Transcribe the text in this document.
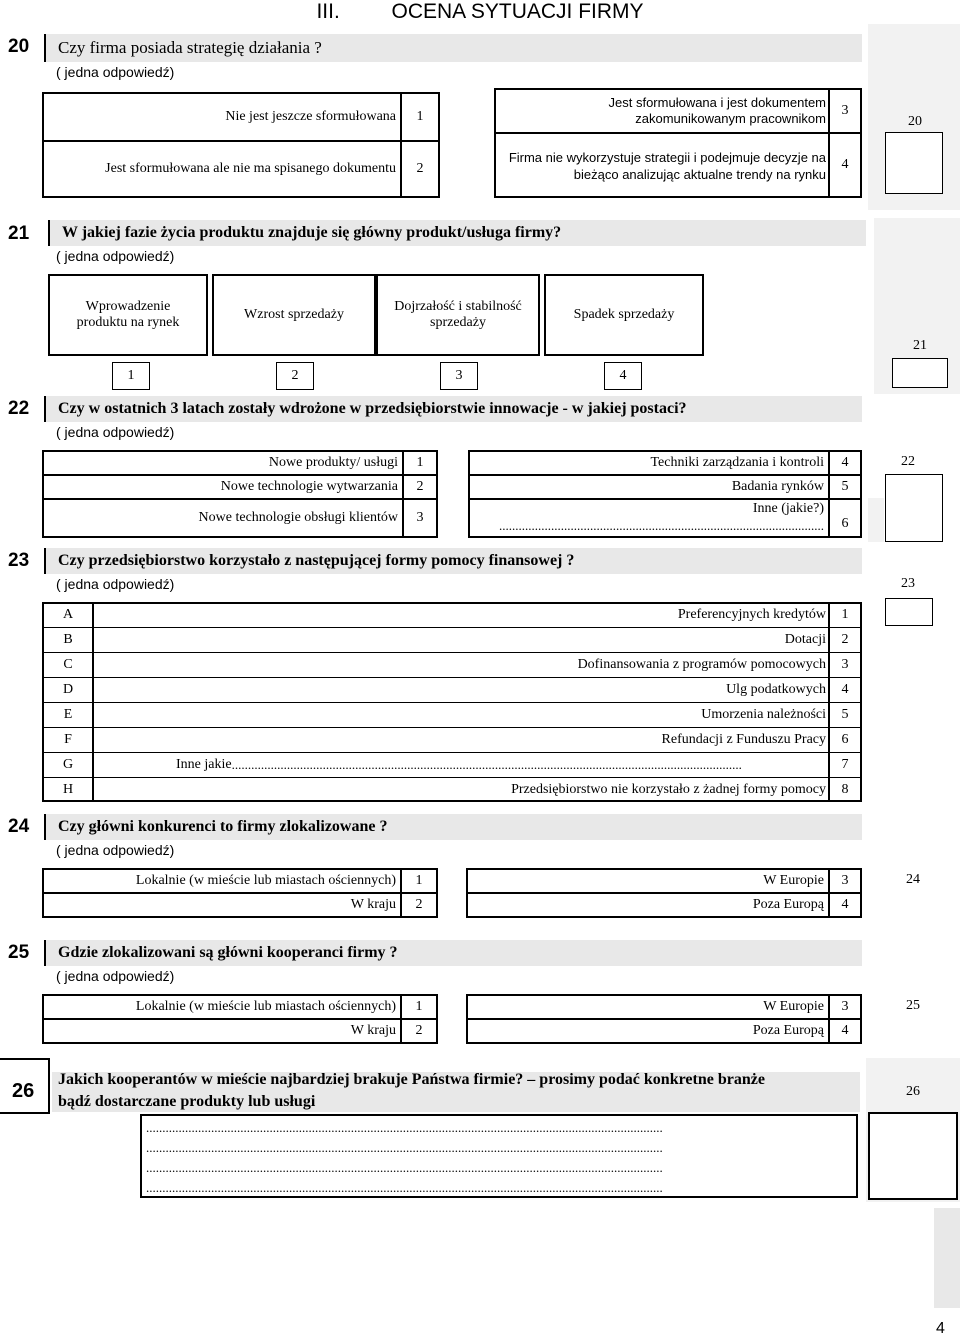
III. OCENA SYTUACJI FIRMY
20	Czy firma posiada strategię działania ?
( jedna odpowiedź)
20
Nie jest jeszcze sformułowana	1
Jest sformułowana ale nie ma spisanego dokumentu	2
Jest sformułowana i jest dokumentem zakomunikowanym pracownikom
3
Firma nie wykorzystuje strategii i podejmuje decyzje na bieżąco analizując aktualne trendy na rynku
4
21	W jakiej fazie życia produktu znajduje się główny produkt/usługa firmy?
( jedna odpowiedź)
21
Wprowadzenie produktu na rynek
Wzrost sprzedaży
Dojrzałość i stabilność sprzedaży
Spadek sprzedaży
1	2	3	4
22	Czy w ostatnich 3 latach zostały wdrożone w przedsiębiorstwie innowacje - w jakiej postaci?
( jedna odpowiedź)
22
Nowe produkty/ usługi	1
Nowe technologie wytwarzania	2
Nowe technologie obsługi klientów	3
Techniki zarządzania i kontroli	4
Badania rynków	5
Inne (jakie?)
....................................................................................................	6
23	Czy przedsiębiorstwo korzystało z następującej formy pomocy finansowej ?
( jedna odpowiedź)	23
A	Preferencyjnych kredytów	1
B	Dotacji	2
C	Dofinansowania z programów pomocowych	3
D	Ulg podatkowych	4
E	Umorzenia należności	5
F	Refundacji z Funduszu Pracy	6
G	Inne jakie .............................................................................................................................................................	7
H	Przedsiębiorstwo nie korzystało z żadnej formy pomocy	8
24	Czy główni konkurenci to firmy zlokalizowane ?
( jedna odpowiedź)
24
Lokalnie (w mieście lub miastach ościennych)	1
W kraju	2
W Europie	3
Poza Europą	4
25	Gdzie zlokalizowani są główni kooperanci firmy ?
( jedna odpowiedź)
25
Lokalnie (w mieście lub miastach ościennych)	1
W kraju	2
W Europie	3
Poza Europą	4
26
Jakich kooperantów w mieście najbardziej brakuje Państwa firmie? – prosimy podać konkretne branże
bądź dostarczane produkty lub usługi
26
...............................................................................................................................................................
...............................................................................................................................................................
...............................................................................................................................................................
...............................................................................................................................................................
4
